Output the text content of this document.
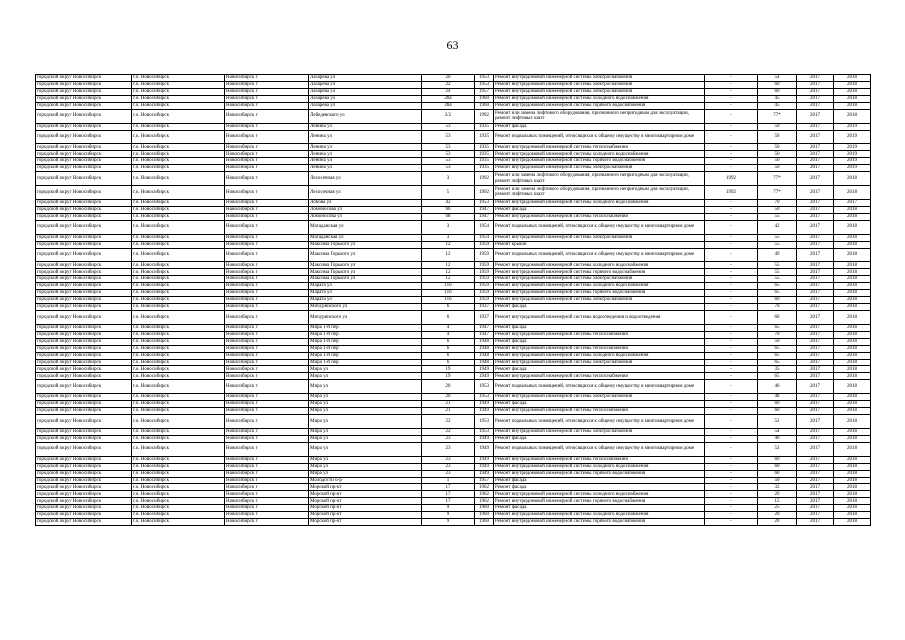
63
городской округ Новосибирск	г.о. Новосибирск	Новосибирск г	Лазарева ул	20	1953	Ремонт внутридомовой инженерной системы электроснабжения	-	54	2017	2018
городской округ Новосибирск	г.о. Новосибирск	Новосибирск г	Лазарева ул	22	1953	Ремонт внутридомовой инженерной системы электроснабжения	-	60	2017	2018
городской округ Новосибирск	г.о. Новосибирск	Новосибирск г	Лазарева ул	24	1957	Ремонт внутридомовой инженерной системы электроснабжения	-	60	2017	2018
городской округ Новосибирск	г.о. Новосибирск	Новосибирск г	Лазарева ул	28а	1960	Ремонт внутридомовой инженерной системы холодного водоснабжения	-	45	2017	2018
городской округ Новосибирск	г.о. Новосибирск	Новосибирск г	Лазарева ул	28а	1960	Ремонт внутридомовой инженерной системы горячего водоснабжения	-	45	2017	2018
городской округ Новосибирск	г.о. Новосибирск	Новосибирск г	Лебедевского ул	2/2	1992	Ремонт или замена лифтового оборудования, признанного непригодным для эксплуатации, ремонт лифтовых шахт	-	77*	2017	2018
городской округ Новосибирск	г.о. Новосибирск	Новосибирск г	Ленина ул	53	1935	Ремонт фасада	-	50	2017	2019
городской округ Новосибирск	г.о. Новосибирск	Новосибирск г	Ленина ул	53	1935	Ремонт подвальных помещений, относящихся к общему имуществу в многоквартирном доме	-	50	2017	2019
городской округ Новосибирск	г.о. Новосибирск	Новосибирск г	Ленина ул	53	1935	Ремонт внутридомовой инженерной системы теплоснабжения	-	50	2017	2019
городской округ Новосибирск	г.о. Новосибирск	Новосибирск г	Ленина ул	53	1935	Ремонт внутридомовой инженерной системы холодного водоснабжения	-	50	2017	2019
городской округ Новосибирск	г.о. Новосибирск	Новосибирск г	Ленина ул	53	1935	Ремонт внутридомовой инженерной системы горячего водоснабжения	-	50	2017	2019
городской округ Новосибирск	г.о. Новосибирск	Новосибирск г	Ленина ул	53	1935	Ремонт внутридомовой инженерной системы электроснабжения	-	50	2017	2019
городской округ Новосибирск	г.о. Новосибирск	Новосибирск г	Лесосечная ул	3	1992	Ремонт или замена лифтового оборудования, признанного непригодным для эксплуатации, ремонт лифтовых шахт	1992	77*	2017	2018
городской округ Новосибирск	г.о. Новосибирск	Новосибирск г	Лесосечная ул	5	1992	Ремонт или замена лифтового оборудования, признанного непригодным для эксплуатации, ремонт лифтовых шахт	1992	77*	2017	2018
городской округ Новосибирск	г.о. Новосибирск	Новосибирск г	Лобова ул	42	1953	Ремонт внутридомовой инженерной системы холодного водоснабжения	-	70	2017	2017
городской округ Новосибирск	г.о. Новосибирск	Новосибирск г	Ломоносова ул	66	1947	Ремонт фасада	-	50	2017	2018
городской округ Новосибирск	г.о. Новосибирск	Новосибирск г	Ломоносова ул	68	1947	Ремонт внутридомовой инженерной системы теплоснабжения	-	55	2017	2018
городской округ Новосибирск	г.о. Новосибирск	Новосибирск г	Магаданская ул	3	1954	Ремонт подвальных помещений, относящихся к общему имуществу в многоквартирном доме	-	42	2017	2018
городской округ Новосибирск	г.о. Новосибирск	Новосибирск г	Магаданская ул	3	1954	Ремонт внутридомовой инженерной системы электроснабжения	-	55	2017	2018
городской округ Новосибирск	г.о. Новосибирск	Новосибирск г	Максима Горького ул	12	1959	Ремонт крыши	-	55	2017	2018
городской округ Новосибирск	г.о. Новосибирск	Новосибирск г	Максима Горького ул	12	1959	Ремонт подвальных помещений, относящихся к общему имуществу в многоквартирном доме	-	49	2017	2018
городской округ Новосибирск	г.о. Новосибирск	Новосибирск г	Максима Горького ул	12	1959	Ремонт внутридомовой инженерной системы холодного водоснабжения	-	55	2017	2018
городской округ Новосибирск	г.о. Новосибирск	Новосибирск г	Максима Горького ул	12	1959	Ремонт внутридомовой инженерной системы горячего водоснабжения	-	55	2017	2018
городской округ Новосибирск	г.о. Новосибирск	Новосибирск г	Максима Горького ул	12	1959	Ремонт внутридомовой инженерной системы электроснабжения	-	55	2017	2018
городской округ Новосибирск	г.о. Новосибирск	Новосибирск г	Марата ул	11б	1959	Ремонт внутридомовой инженерной системы холодного водоснабжения	-	65	2017	2018
городской округ Новосибирск	г.о. Новосибирск	Новосибирск г	Марата ул	11б	1959	Ремонт внутридомовой инженерной системы горячего водоснабжения	-	65	2017	2018
городской округ Новосибирск	г.о. Новосибирск	Новосибирск г	Марата ул	11б	1959	Ремонт внутридомовой инженерной системы электроснабжения	-	60	2017	2018
городской округ Новосибирск	г.о. Новосибирск	Новосибирск г	Мичуринского ул	6	1937	Ремонт фасада	-	70	2017	2018
городской округ Новосибирск	г.о. Новосибирск	Новосибирск г	Мичуринского ул	6	1937	Ремонт внутридомовой инженерной системы водоотведения и водоотведения	-	60	2017	2018
городской округ Новосибирск	г.о. Новосибирск	Новосибирск г	Мира 1-й пер	4	1947	Ремонт фасада	-	65	2017	2018
городской округ Новосибирск	г.о. Новосибирск	Новосибирск г	Мира 1-й пер	4	1947	Ремонт внутридомовой инженерной системы теплоснабжения	-	70	2017	2018
городской округ Новосибирск	г.о. Новосибирск	Новосибирск г	Мира 1-й пер	6	1948	Ремонт фасада	-	50	2017	2018
городской округ Новосибирск	г.о. Новосибирск	Новосибирск г	Мира 1-й пер	6	1948	Ремонт внутридомовой инженерной системы теплоснабжения	-	65	2017	2018
городской округ Новосибирск	г.о. Новосибирск	Новосибирск г	Мира 1-й пер	6	1948	Ремонт внутридомовой инженерной системы холодного водоснабжения	-	65	2017	2018
городской округ Новосибирск	г.о. Новосибирск	Новосибирск г	Мира 1-й пер	6	1948	Ремонт внутридомовой инженерной системы электроснабжения	-	65	2017	2018
городской округ Новосибирск	г.о. Новосибирск	Новосибирск г	Мира ул	19	1949	Ремонт фасада	-	35	2017	2018
городской округ Новосибирск	г.о. Новосибирск	Новосибирск г	Мира ул	19	1949	Ремонт внутридомовой инженерной системы теплоснабжения	-	65	2017	2018
городской округ Новосибирск	г.о. Новосибирск	Новосибирск г	Мира ул	20	1953	Ремонт подвальных помещений, относящихся к общему имуществу в многоквартирном доме	-	46	2017	2018
городской округ Новосибирск	г.о. Новосибирск	Новосибирск г	Мира ул	20	1953	Ремонт внутридомовой инженерной системы электроснабжения	-	48	2017	2018
городской округ Новосибирск	г.о. Новосибирск	Новосибирск г	Мира ул	21	1949	Ремонт фасада	-	60	2017	2018
городской округ Новосибирск	г.о. Новосибирск	Новосибирск г	Мира ул	21	1949	Ремонт внутридомовой инженерной системы теплоснабжения	-	60	2017	2018
городской округ Новосибирск	г.о. Новосибирск	Новосибирск г	Мира ул	22	1953	Ремонт подвальных помещений, относящихся к общему имуществу в многоквартирном доме	-	52	2017	2018
городской округ Новосибирск	г.о. Новосибирск	Новосибирск г	Мира ул	22	1953	Ремонт внутридомовой инженерной системы электроснабжения	-	54	2017	2018
городской округ Новосибирск	г.о. Новосибирск	Новосибирск г	Мира ул	23	1949	Ремонт фасада	-	40	2017	2018
городской округ Новосибирск	г.о. Новосибирск	Новосибирск г	Мира ул	23	1949	Ремонт подвальных помещений, относящихся к общему имуществу в многоквартирном доме	-	52	2017	2018
городской округ Новосибирск	г.о. Новосибирск	Новосибирск г	Мира ул	23	1949	Ремонт внутридомовой инженерной системы теплоснабжения	-	60	2017	2018
городской округ Новосибирск	г.о. Новосибирск	Новосибирск г	Мира ул	23	1949	Ремонт внутридомовой инженерной системы холодного водоснабжения	-	60	2017	2018
городской округ Новосибирск	г.о. Новосибирск	Новосибирск г	Мира ул	23	1949	Ремонт внутридомовой инженерной системы горячего водоснабжения	-	60	2017	2018
городской округ Новосибирск	г.о. Новосибирск	Новосибирск г	Молодости б-р	1	1957	Ремонт фасада	-	50	2017	2018
городской округ Новосибирск	г.о. Новосибирск	Новосибирск г	Морской пр-кт	17	1962	Ремонт фасада	-	32	2017	2018
городской округ Новосибирск	г.о. Новосибирск	Новосибирск г	Морской пр-кт	17	1962	Ремонт внутридомовой инженерной системы холодного водоснабжения	-	20	2017	2018
городской округ Новосибирск	г.о. Новосибирск	Новосибирск г	Морской пр-кт	17	1962	Ремонт внутридомовой инженерной системы горячего водоснабжения	-	15	2017	2018
городской округ Новосибирск	г.о. Новосибирск	Новосибирск г	Морской пр-кт	9	1960	Ремонт фасада	-	25	2017	2018
городской округ Новосибирск	г.о. Новосибирск	Новосибирск г	Морской пр-кт	9	1960	Ремонт внутридомовой инженерной системы холодного водоснабжения	-	20	2017	2018
городской округ Новосибирск	г.о. Новосибирск	Новосибирск г	Морской пр-кт	9	1960	Ремонт внутридомовой инженерной системы горячего водоснабжения	-	20	2017	2018
